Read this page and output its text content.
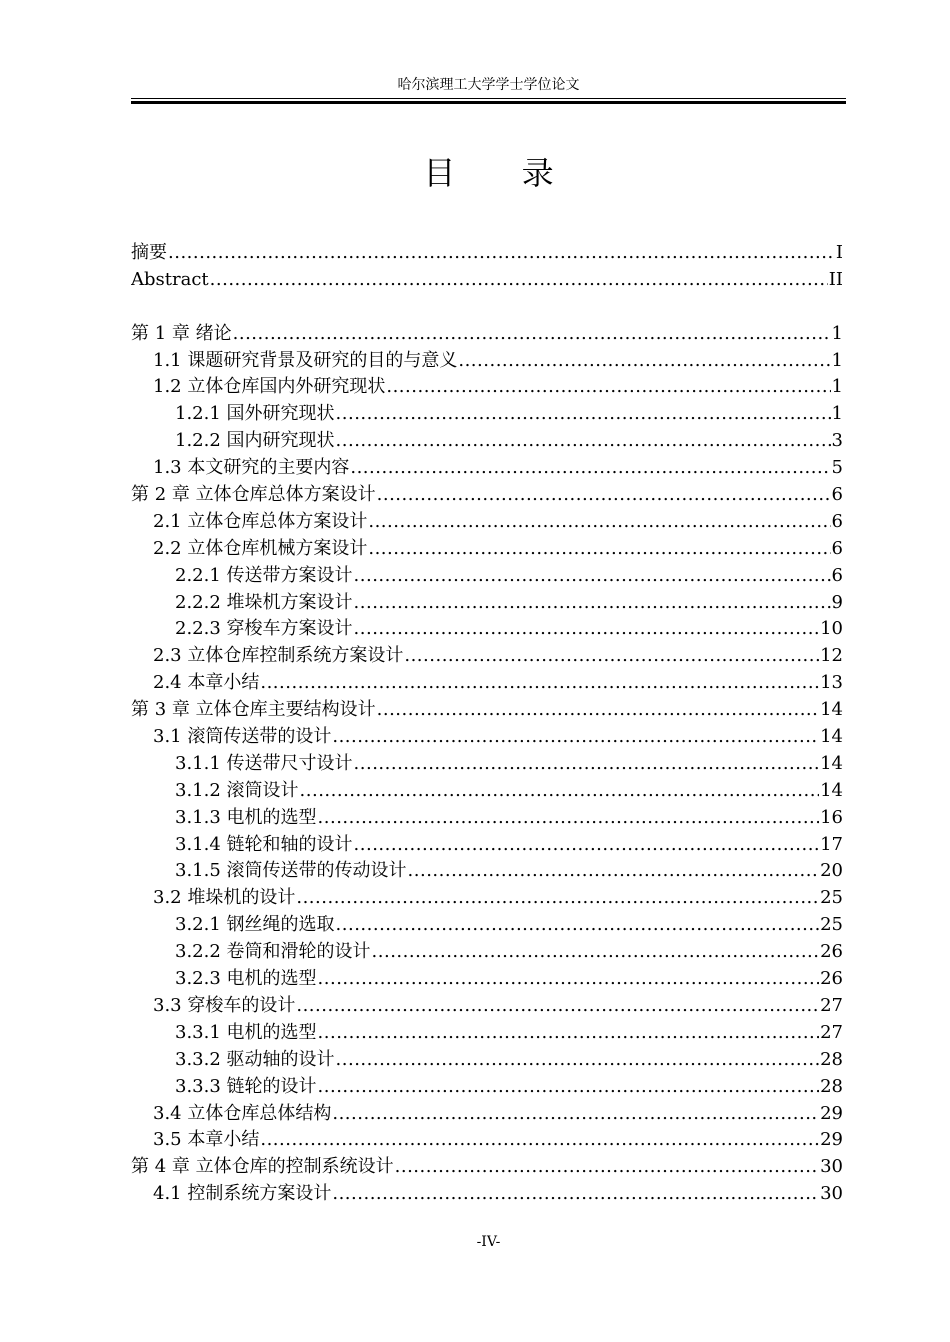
哈尔滨理工大学学士学位论文
目 录
摘要 .....	I
Abstract .....	II
第 1 章 绪论 .....	1
1.1 课题研究背景及研究的目的与意义 .....	1
1.2 立体仓库国内外研究现状 .....	1
1.2.1 国外研究现状 .....	1
1.2.2 国内研究现状 .....	3
1.3 本文研究的主要内容 .....	5
第 2 章 立体仓库总体方案设计 .....	6
2.1 立体仓库总体方案设计 .....	6
2.2 立体仓库机械方案设计 .....	6
2.2.1 传送带方案设计 .....	6
2.2.2 堆垛机方案设计 .....	9
2.2.3 穿梭车方案设计 .....	10
2.3 立体仓库控制系统方案设计 .....	12
2.4 本章小结 .....	13
第 3 章 立体仓库主要结构设计 .....	14
3.1 滚筒传送带的设计 .....	14
3.1.1 传送带尺寸设计 .....	14
3.1.2 滚筒设计 .....	14
3.1.3 电机的选型 .....	16
3.1.4 链轮和轴的设计 .....	17
3.1.5 滚筒传送带的传动设计 .....	20
3.2 堆垛机的设计 .....	25
3.2.1 钢丝绳的选取 .....	25
3.2.2 卷筒和滑轮的设计 .....	26
3.2.3 电机的选型 .....	26
3.3 穿梭车的设计 .....	27
3.3.1 电机的选型 .....	27
3.3.2 驱动轴的设计 .....	28
3.3.3 链轮的设计 .....	28
3.4 立体仓库总体结构 .....	29
3.5 本章小结 .....	29
第 4 章 立体仓库的控制系统设计 .....	30
4.1 控制系统方案设计 .....	30
-IV-
